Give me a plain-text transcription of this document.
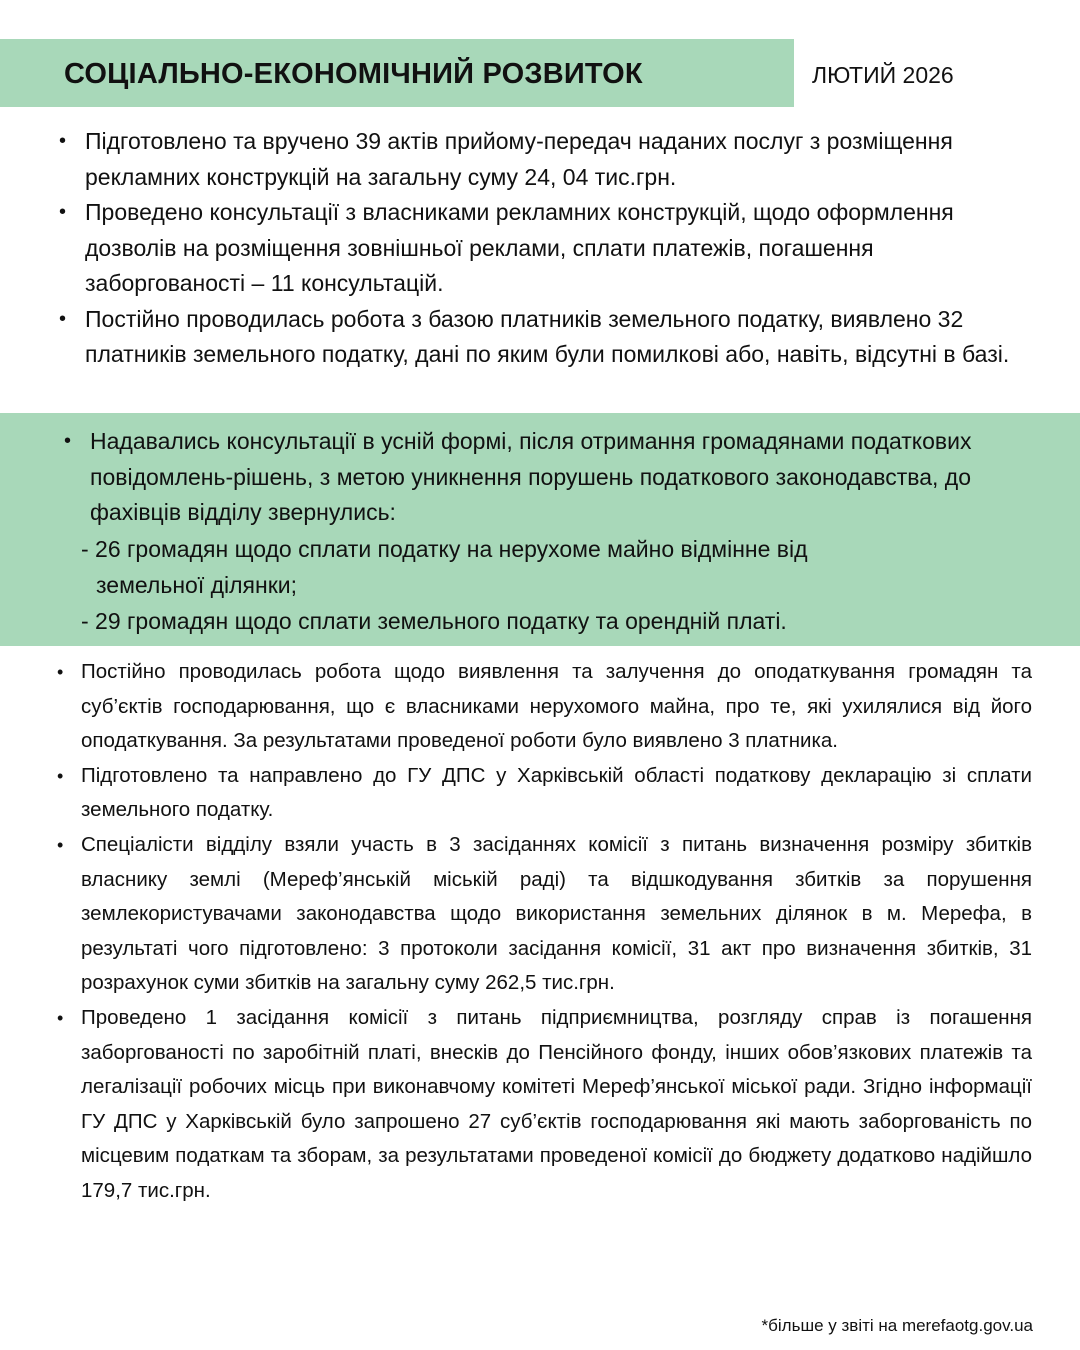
СОЦІАЛЬНО-ЕКОНОМІЧНИЙ РОЗВИТОК	ЛЮТИЙ 2026
• Підготовлено та вручено 39 актів прийому-передач наданих послуг з розміщення рекламних конструкцій на загальну суму 24, 04 тис.грн.
• Проведено консультації з власниками рекламних конструкцій, щодо оформлення дозволів на розміщення зовнішньої реклами, сплати платежів, погашення заборгованості – 11 консультацій.
• Постійно проводилась робота з базою платників земельного податку, виявлено 32 платників земельного податку, дані по яким були помилкові або, навіть, відсутні в базі.
• Надавались консультації в усній формі, після отримання громадянами податкових повідомлень-рішень, з метою уникнення порушень податкового законодавства, до фахівців відділу звернулись:
- 26 громадян щодо сплати податку на нерухоме майно відмінне від
земельної ділянки;
- 29 громадян щодо сплати земельного податку та орендній платі.
• Постійно проводилась робота щодо виявлення та залучення до оподаткування громадян та суб’єктів господарювання, що є власниками нерухомого майна, про те, які ухилялися від його оподаткування. За результатами проведеної роботи було виявлено 3 платника.
• Підготовлено та направлено до ГУ ДПС у Харківській області податкову декларацію зі сплати земельного податку.
• Спеціалісти відділу взяли участь в 3 засіданнях комісії з питань визначення розміру збитків власнику землі (Мереф’янській міській раді) та відшкодування збитків за порушення землекористувачами законодавства щодо використання земельних ділянок в м. Мерефа, в результаті чого підготовлено: 3 протоколи засідання комісії, 31 акт про визначення збитків, 31 розрахунок суми збитків на загальну суму 262,5 тис.грн.
• Проведено 1 засідання комісії з питань підприємництва, розгляду справ із погашення заборгованості по заробітній платі, внесків до Пенсійного фонду, інших обов’язкових платежів та легалізації робочих місць при виконавчому комітеті Мереф’янської міської ради. Згідно інформації ГУ ДПС у Харківській було запрошено 27 суб’єктів господарювання які мають заборгованість по місцевим податкам та зборам, за результатами проведеної комісії до бюджету додатково надійшло 179,7 тис.грн.
*більше у звіті на merefaotg.gov.ua
